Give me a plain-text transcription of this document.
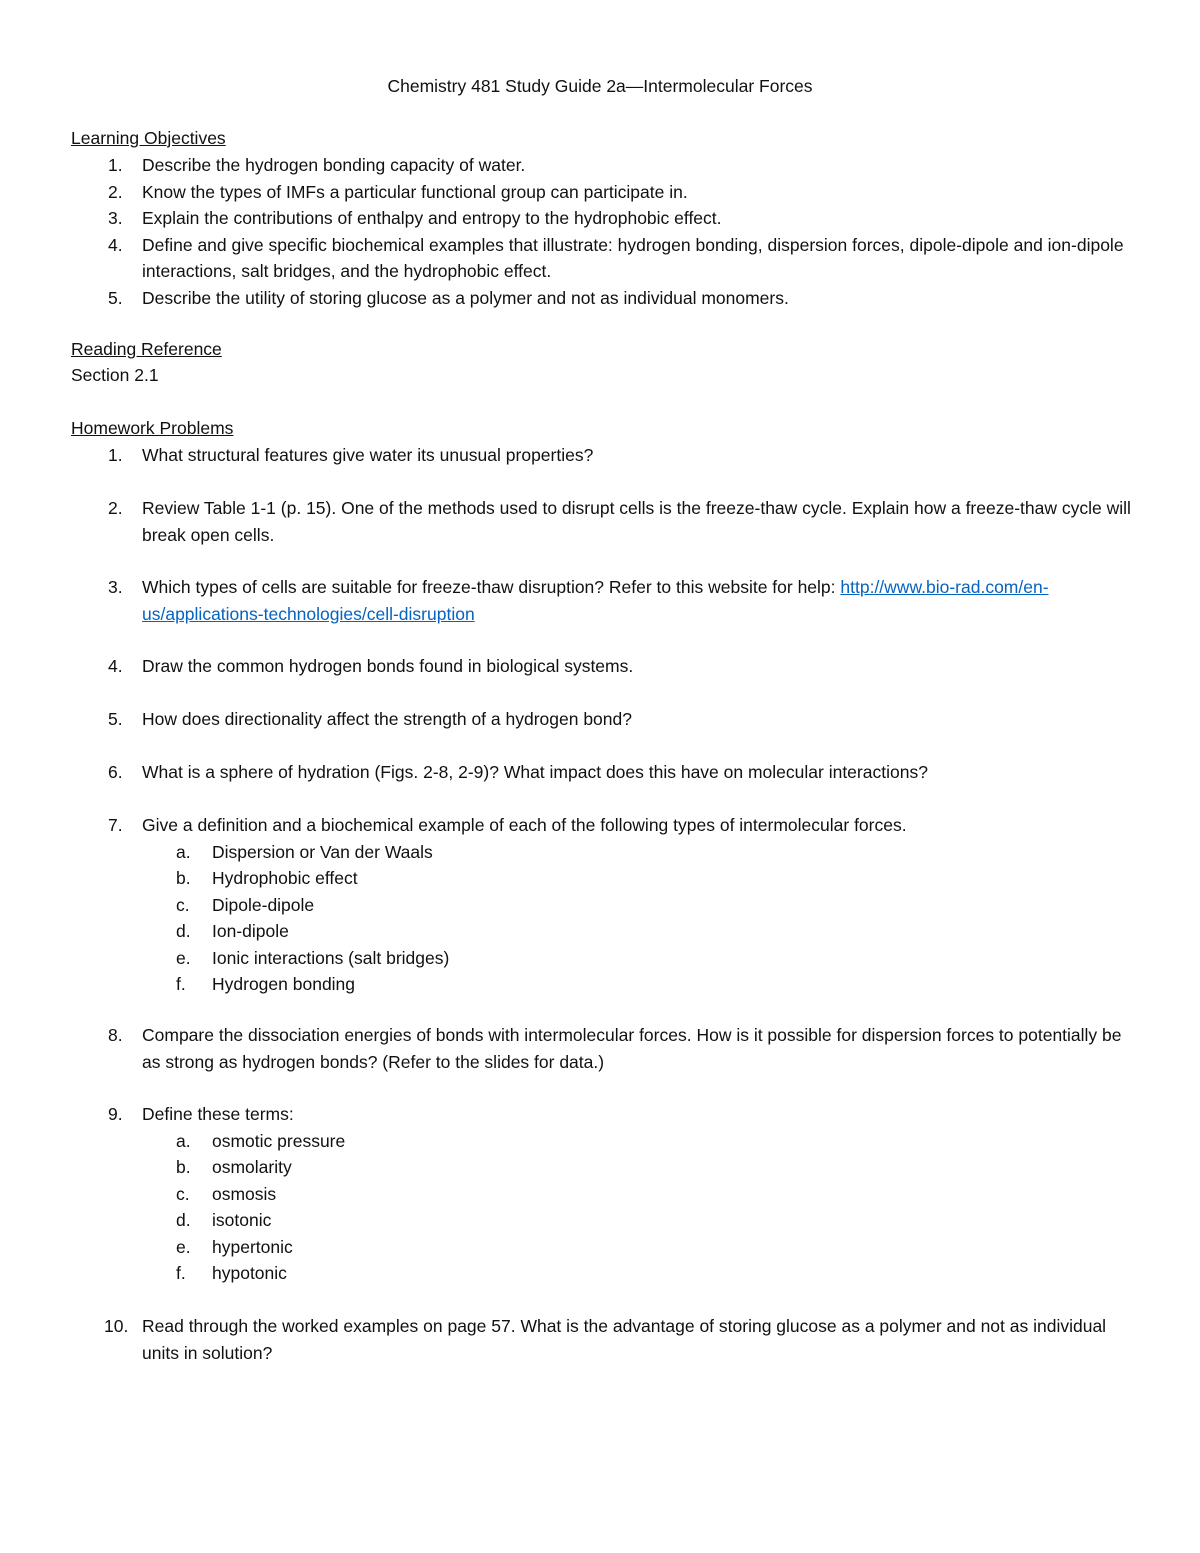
Chemistry 481 Study Guide 2a—Intermolecular Forces
Learning Objectives
1. Describe the hydrogen bonding capacity of water.
2. Know the types of IMFs a particular functional group can participate in.
3. Explain the contributions of enthalpy and entropy to the hydrophobic effect.
4. Define and give specific biochemical examples that illustrate: hydrogen bonding, dispersion forces, dipole-dipole and ion-dipole interactions, salt bridges, and the hydrophobic effect.
5. Describe the utility of storing glucose as a polymer and not as individual monomers.
Reading Reference
Section 2.1
Homework Problems
1. What structural features give water its unusual properties?
2. Review Table 1-1 (p. 15). One of the methods used to disrupt cells is the freeze-thaw cycle. Explain how a freeze-thaw cycle will break open cells.
3. Which types of cells are suitable for freeze-thaw disruption? Refer to this website for help: http://www.bio-rad.com/en-us/applications-technologies/cell-disruption
4. Draw the common hydrogen bonds found in biological systems.
5. How does directionality affect the strength of a hydrogen bond?
6. What is a sphere of hydration (Figs. 2-8, 2-9)? What impact does this have on molecular interactions?
7. Give a definition and a biochemical example of each of the following types of intermolecular forces.
a. Dispersion or Van der Waals
b. Hydrophobic effect
c. Dipole-dipole
d. Ion-dipole
e. Ionic interactions (salt bridges)
f. Hydrogen bonding
8. Compare the dissociation energies of bonds with intermolecular forces. How is it possible for dispersion forces to potentially be as strong as hydrogen bonds? (Refer to the slides for data.)
9. Define these terms:
a. osmotic pressure
b. osmolarity
c. osmosis
d. isotonic
e. hypertonic
f. hypotonic
10. Read through the worked examples on page 57. What is the advantage of storing glucose as a polymer and not as individual units in solution?
